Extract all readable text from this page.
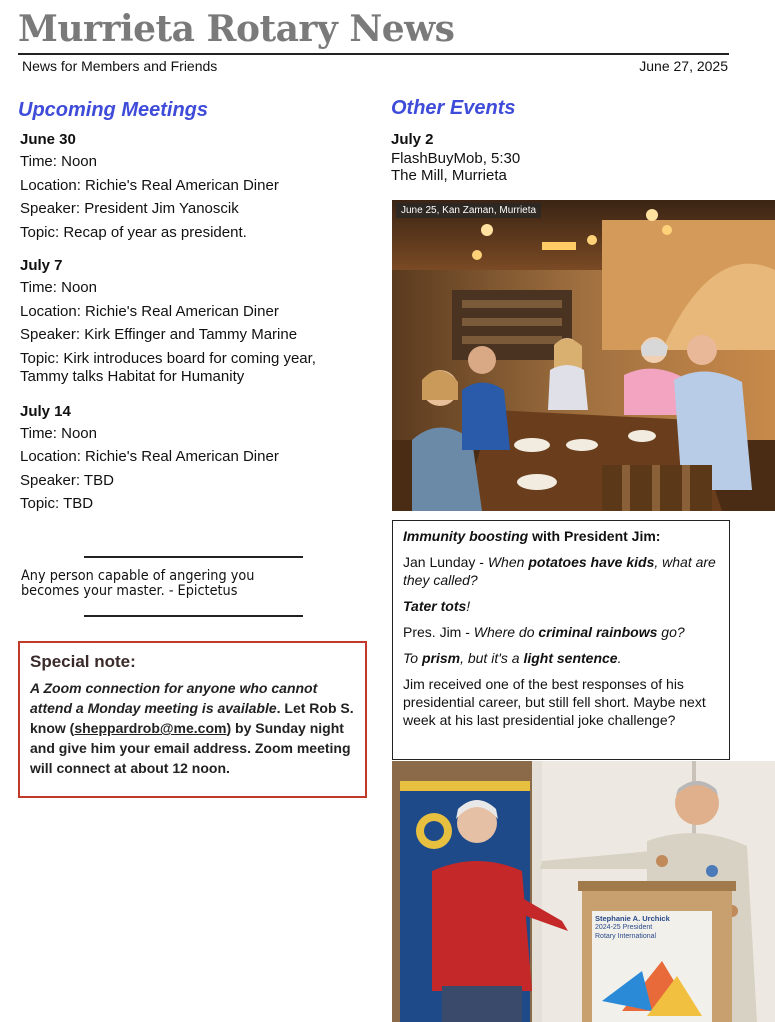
Murrieta Rotary News
News for Members and Friends	June 27, 2025
Upcoming Meetings
June 30
Time: Noon
Location: Richie's Real American Diner
Speaker: President Jim Yanoscik
Topic: Recap of year as president.
July 7
Time: Noon
Location: Richie's Real American Diner
Speaker: Kirk Effinger and Tammy Marine
Topic: Kirk introduces board for coming year, Tammy talks Habitat for Humanity
July 14
Time: Noon
Location: Richie's Real American Diner
Speaker: TBD
Topic: TBD
Any person capable of angering you becomes your master. - Epictetus
Special note:
A Zoom connection for anyone who cannot attend a Monday meeting is available. Let Rob S. know (sheppardrob@me.com) by Sunday night and give him your email address. Zoom meeting will connect at about 12 noon.
Other Events
July 2
FlashBuyMob, 5:30
The Mill, Murrieta
June 25, Kan Zaman, Murrieta

Immunity boosting with President Jim:

Jan Lunday - When potatoes have kids, what are they called?

Tater tots!

Pres. Jim - Where do criminal rainbows go?

To prism, but it's a light sentence.

Jim received one of the best responses of his presidential career, but still fell short. Maybe next week at his last presidential joke challenge?

Stephanie A. Urchick
2024-25 President
Rotary International
